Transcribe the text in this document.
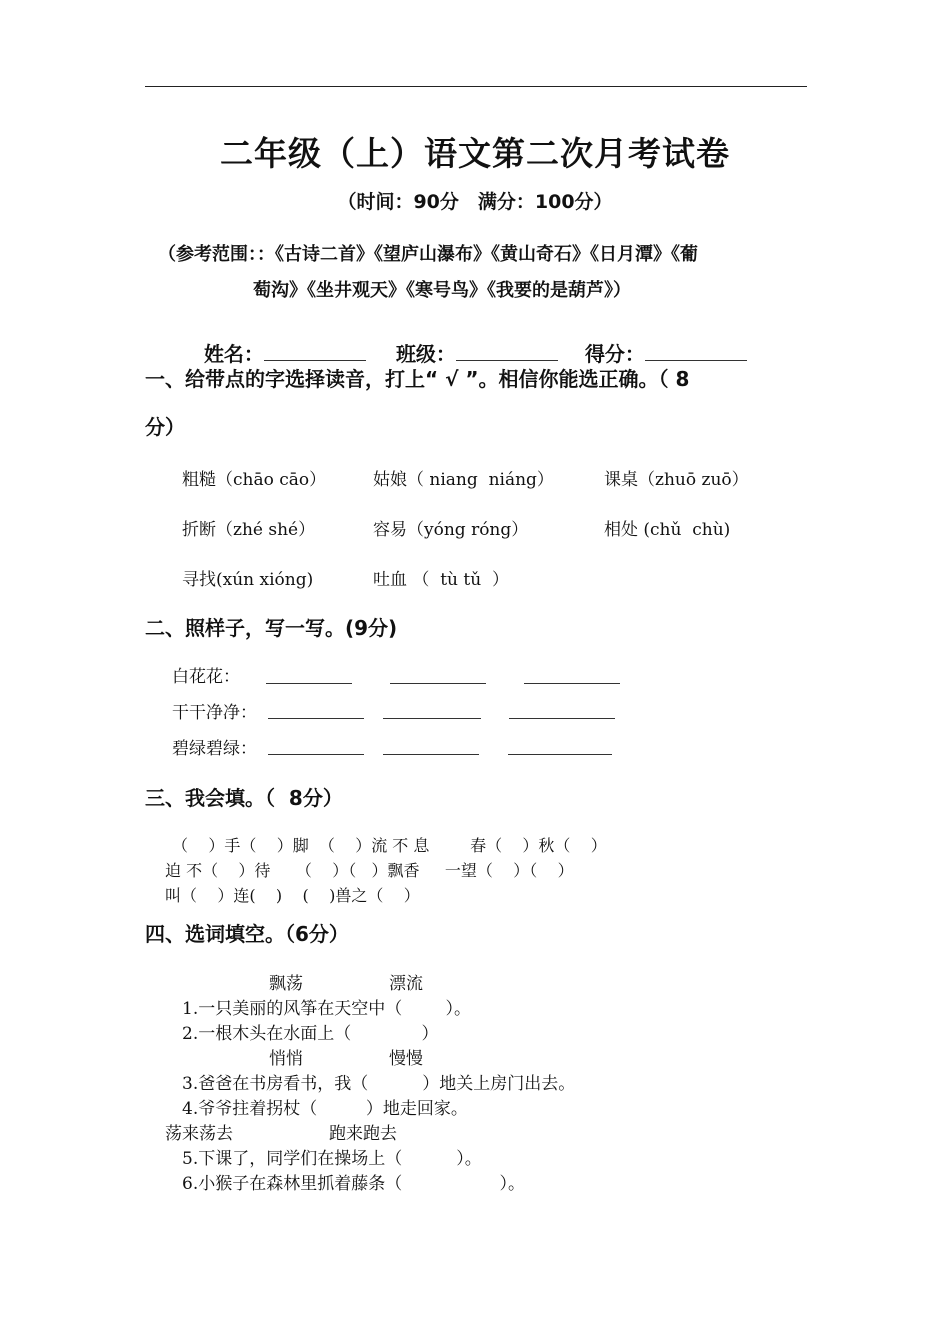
二年级（上）语文第二次月考试卷
（时间：90分　满分：100分）
（参考范围：：《古诗二首》《望庐山瀑布》《黄山奇石》《日月潭》《葡
萄沟》《坐井观天》《寒号鸟》《我要的是葫芦》）

姓名：	班级：	得分：

一、给带点的字选择读音，打上“ √ ”。相信你能选正确。（ 8
分）
粗糙（chāo cāo）	姑娘（ niang  niáng）	课桌（zhuō zuō）
折断（zhé shé）	容易（yóng róng）	相处 (chǔ  chù)
寻找(xún xióng)	吐血 （  tù tǔ  ）
二、照样子，写一写。(9分)
白花花：
干干净净：
碧绿碧绿：
三、我会填。（  8分）
（    ）手（    ）脚  （    ）流 不 息        春（    ）秋（    ）
迫 不（    ）待     （    ）（   ）飘香     一望（    ）（    ）
叫（    ）连(    )    (    )兽之（    ）
四、选词填空。（6分）
飘荡	漂流
1.一只美丽的风筝在天空中（        ）。
2.一根木头在水面上（             ）
悄悄	慢慢
3.爸爸在书房看书，我（          ）地关上房门出去。
4.爷爷拄着拐杖（         ）地走回家。
荡来荡去	跑来跑去
5.下课了，同学们在操场上（          ）。
6.小猴子在森林里抓着藤条（                  ）。
